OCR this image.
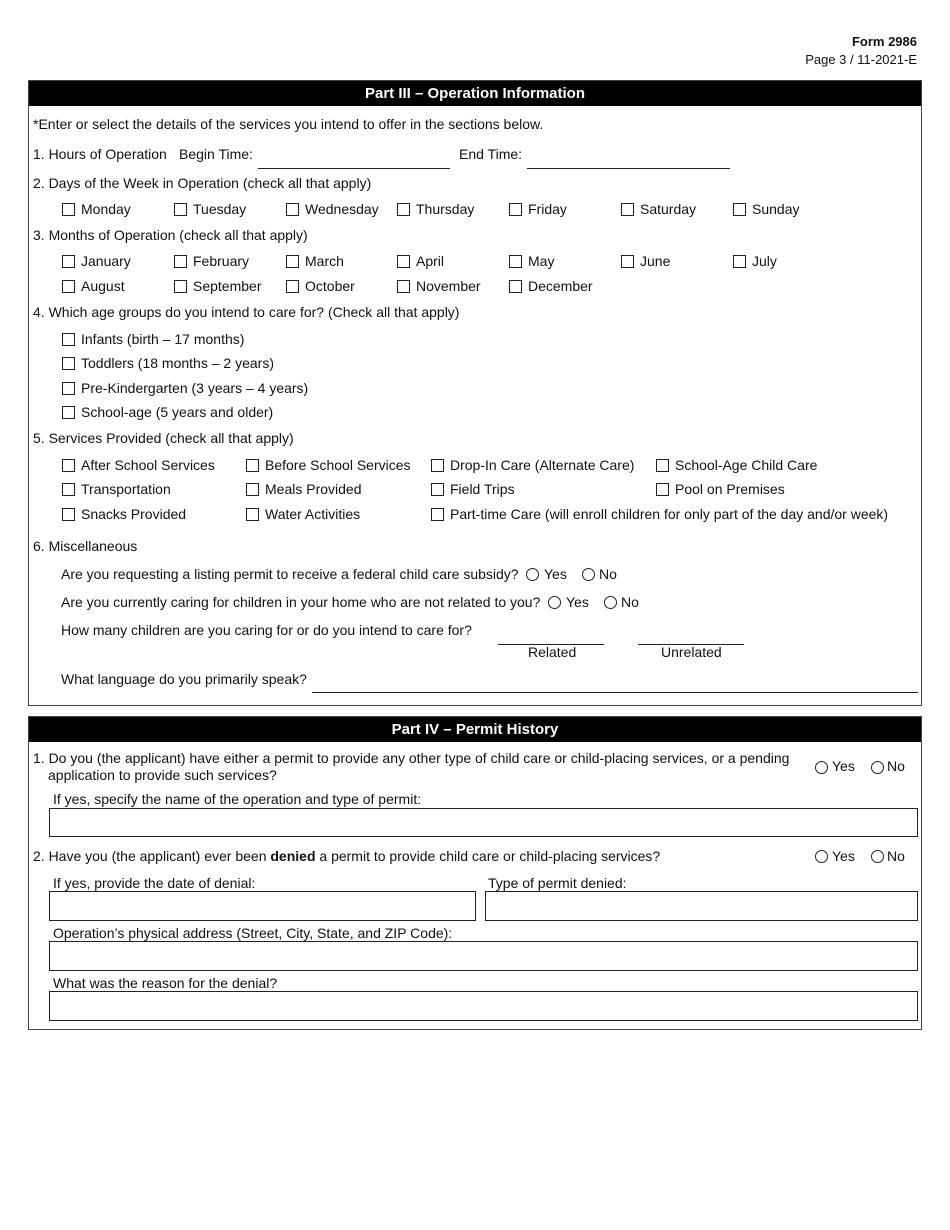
Form 2986
Page 3 / 11-2021-E
Part III – Operation Information
*Enter or select the details of the services you intend to offer in the sections below.
1. Hours of Operation Begin Time:	End Time:
2. Days of the Week in Operation (check all that apply)
Monday	Tuesday	Wednesday	Thursday	Friday	Saturday	Sunday
3. Months of Operation (check all that apply)
January	February	March	April	May	June	July
August	September	October	November	December
4. Which age groups do you intend to care for? (Check all that apply)
Infants (birth – 17 months)
Toddlers (18 months – 2 years)
Pre-Kindergarten (3 years – 4 years)
School-age (5 years and older)
5. Services Provided (check all that apply)
After School Services	Before School Services	Drop-In Care (Alternate Care)	School-Age Child Care
Transportation	Meals Provided	Field Trips	Pool on Premises
Snacks Provided	Water Activities	Part-time Care (will enroll children for only part of the day and/or week)
6. Miscellaneous
Are you requesting a listing permit to receive a federal child care subsidy? Yes No
Are you currently caring for children in your home who are not related to you? Yes No
How many children are you caring for or do you intend to care for?
Related	Unrelated
What language do you primarily speak?
Part IV – Permit History
1. Do you (the applicant) have either a permit to provide any other type of child care or child-placing services, or a pending
application to provide such services?
Yes No
If yes, specify the name of the operation and type of permit:
2. Have you (the applicant) ever been denied a permit to provide child care or child-placing services?	Yes No
If yes, provide the date of denial:	Type of permit denied:
Operation’s physical address (Street, City, State, and ZIP Code):
What was the reason for the denial?
